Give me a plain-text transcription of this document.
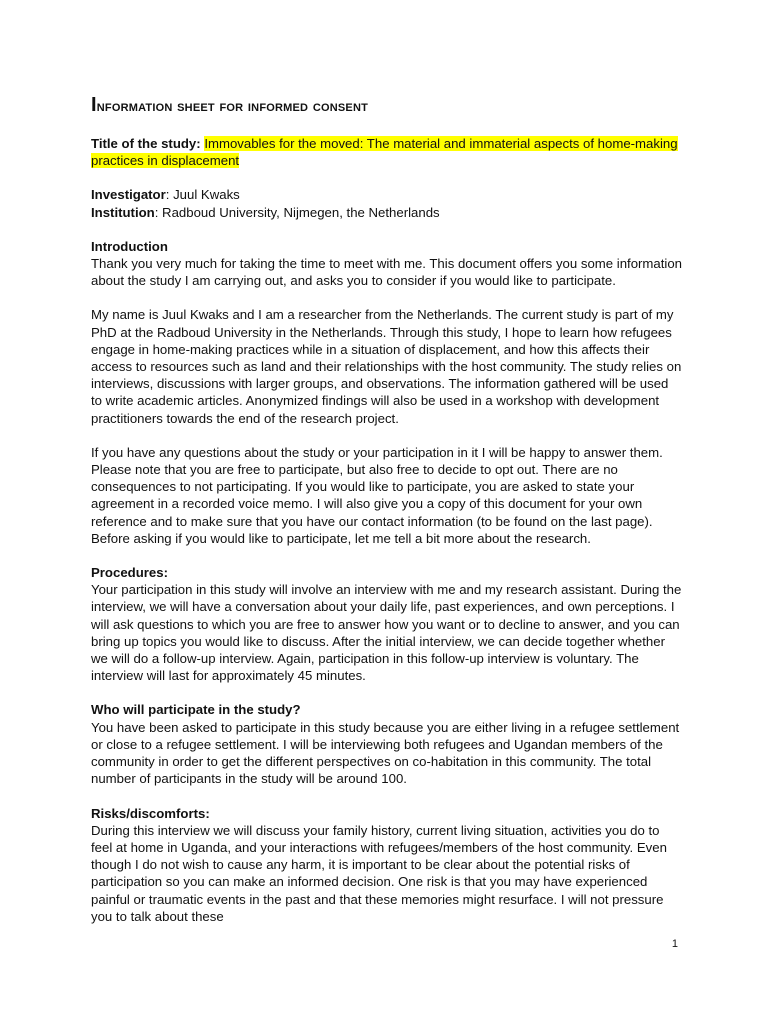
Information sheet for informed consent

Title of the study: Immovables for the moved: The material and immaterial aspects of home-making practices in displacement

Investigator: Juul Kwaks

Institution: Radboud University, Nijmegen, the Netherlands

Introduction

Thank you very much for taking the time to meet with me. This document offers you some information about the study I am carrying out, and asks you to consider if you would like to participate.

My name is Juul Kwaks and I am a researcher from the Netherlands. The current study is part of my PhD at the Radboud University in the Netherlands. Through this study, I hope to learn how refugees engage in home-making practices while in a situation of displacement, and how this affects their access to resources such as land and their relationships with the host community. The study relies on interviews, discussions with larger groups, and observations. The information gathered will be used to write academic articles. Anonymized findings will also be used in a workshop with development practitioners towards the end of the research project.

If you have any questions about the study or your participation in it I will be happy to answer them. Please note that you are free to participate, but also free to decide to opt out. There are no consequences to not participating. If you would like to participate, you are asked to state your agreement in a recorded voice memo. I will also give you a copy of this document for your own reference and to make sure that you have our contact information (to be found on the last page). Before asking if you would like to participate, let me tell a bit more about the research.

Procedures:

Your participation in this study will involve an interview with me and my research assistant. During the interview, we will have a conversation about your daily life, past experiences, and own perceptions. I will ask questions to which you are free to answer how you want or to decline to answer, and you can bring up topics you would like to discuss. After the initial interview, we can decide together whether we will do a follow-up interview. Again, participation in this follow-up interview is voluntary. The interview will last for approximately 45 minutes.

Who will participate in the study?

You have been asked to participate in this study because you are either living in a refugee settlement or close to a refugee settlement. I will be interviewing both refugees and Ugandan members of the community in order to get the different perspectives on co-habitation in this community. The total number of participants in the study will be around 100.

Risks/discomforts:

During this interview we will discuss your family history, current living situation, activities you do to feel at home in Uganda, and your interactions with refugees/members of the host community. Even though I do not wish to cause any harm, it is important to be clear about the potential risks of participation so you can make an informed decision. One risk is that you may have experienced painful or traumatic events in the past and that these memories might resurface. I will not pressure you to talk about these

1
